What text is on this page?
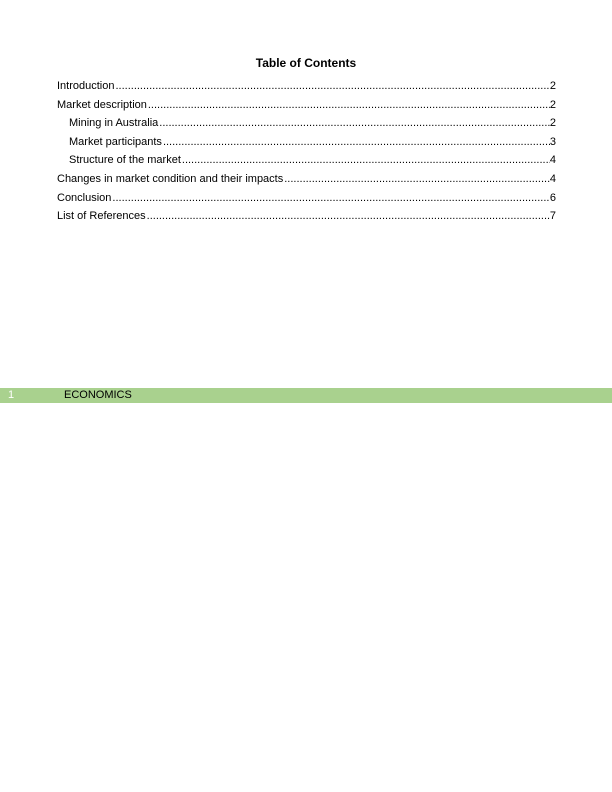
Table of Contents
Introduction .....	2
Market description .....	2
Mining in Australia .....	2
Market participants .....	3
Structure of the market .....	4
Changes in market condition and their impacts .....	4
Conclusion .....	6
List of References .....	7
1	ECONOMICS
